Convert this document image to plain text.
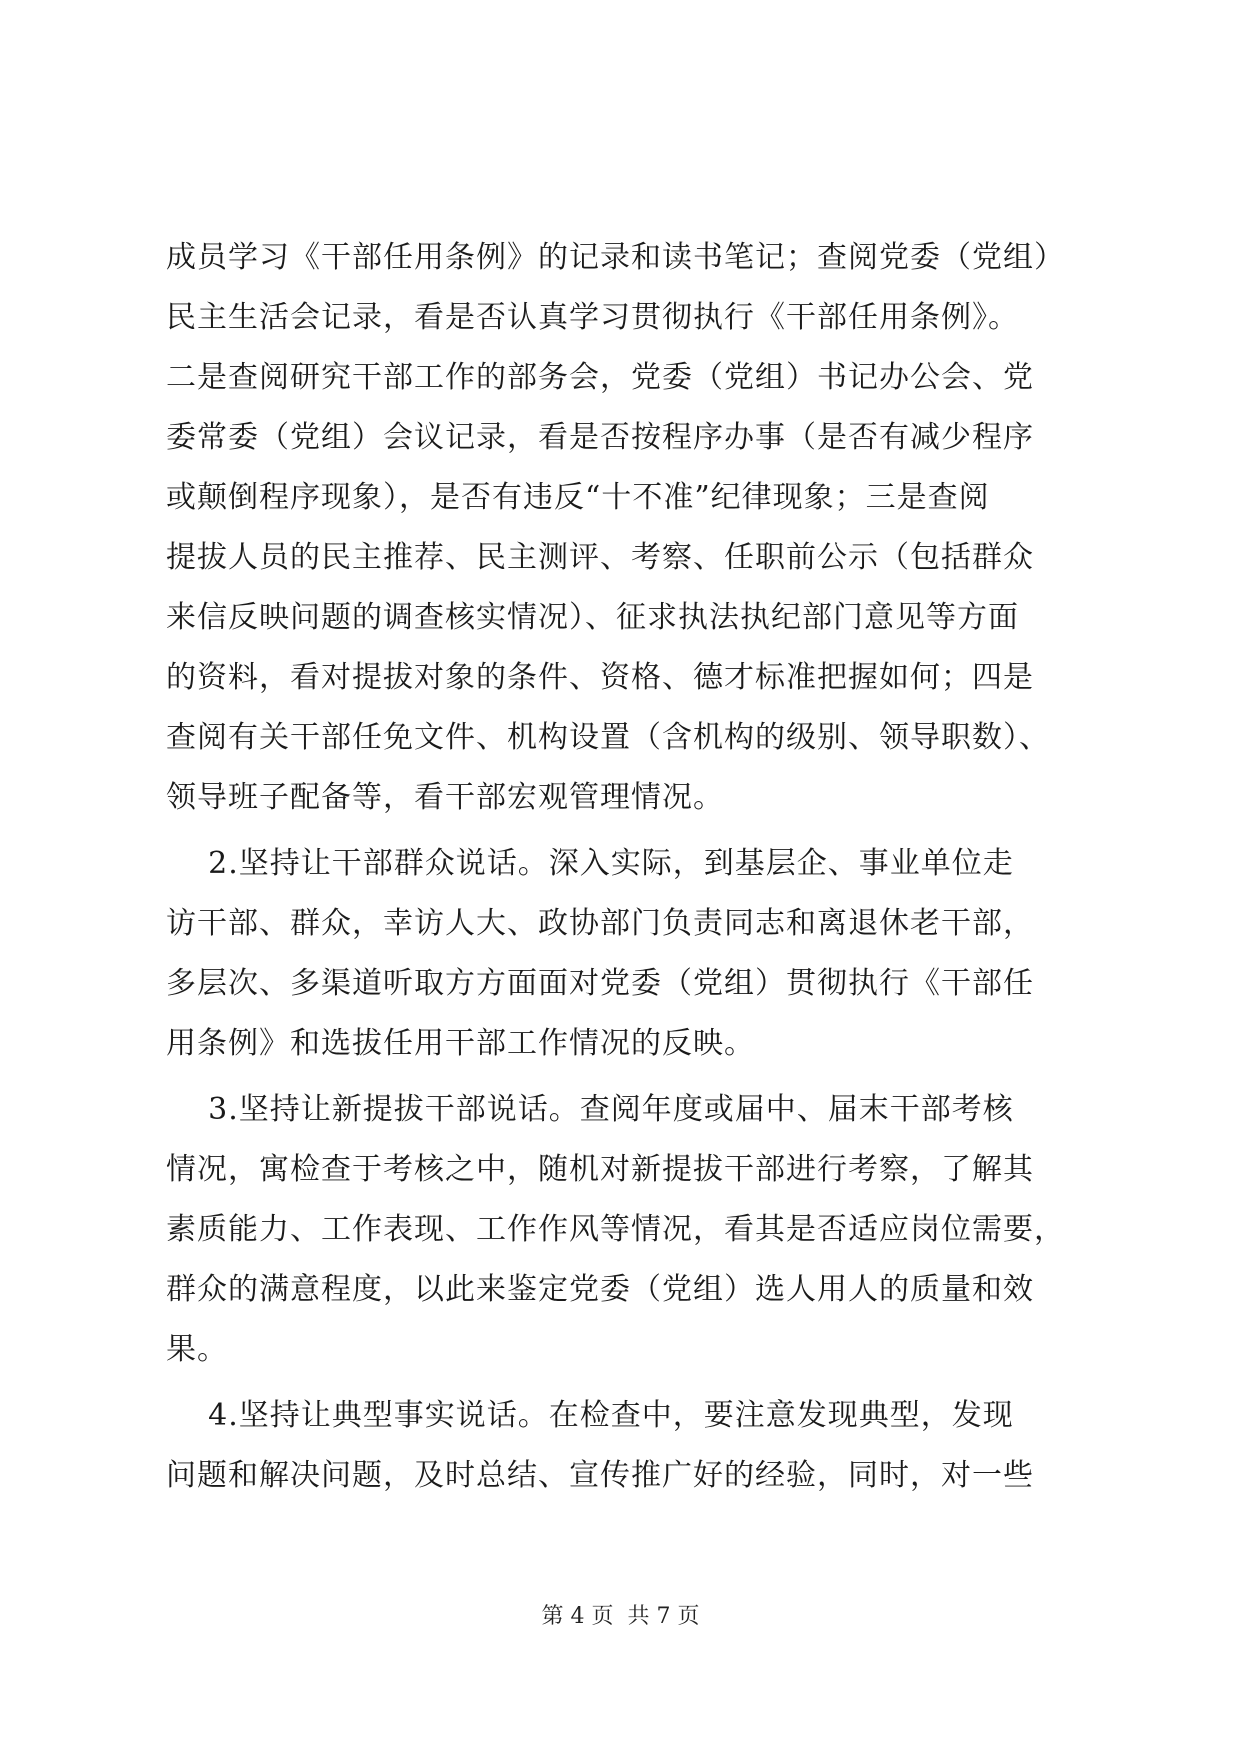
成员学习《干部任用条例》的记录和读书笔记；查阅党委（党组）
民主生活会记录，看是否认真学习贯彻执行《干部任用条例》。
二是查阅研究干部工作的部务会，党委（党组）书记办公会、党
委常委（党组）会议记录，看是否按程序办事（是否有减少程序
或颠倒程序现象），是否有违反“十不准”纪律现象；三是查阅
提拔人员的民主推荐、民主测评、考察、任职前公示（包括群众
来信反映问题的调查核实情况）、征求执法执纪部门意见等方面
的资料，看对提拔对象的条件、资格、德才标准把握如何；四是
查阅有关干部任免文件、机构设置（含机构的级别、领导职数）、
领导班子配备等，看干部宏观管理情况。
2.坚持让干部群众说话。深入实际，到基层企、事业单位走
访干部、群众，幸访人大、政协部门负责同志和离退休老干部，
多层次、多渠道听取方方面面对党委（党组）贯彻执行《干部任
用条例》和选拔任用干部工作情况的反映。
3.坚持让新提拔干部说话。查阅年度或届中、届末干部考核
情况，寓检查于考核之中，随机对新提拔干部进行考察，了解其
素质能力、工作表现、工作作风等情况，看其是否适应岗位需要，
群众的满意程度，以此来鉴定党委（党组）选人用人的质量和效
果。
4.坚持让典型事实说话。在检查中，要注意发现典型，发现
问题和解决问题，及时总结、宣传推广好的经验，同时，对一些
第 4 页  共 7 页
